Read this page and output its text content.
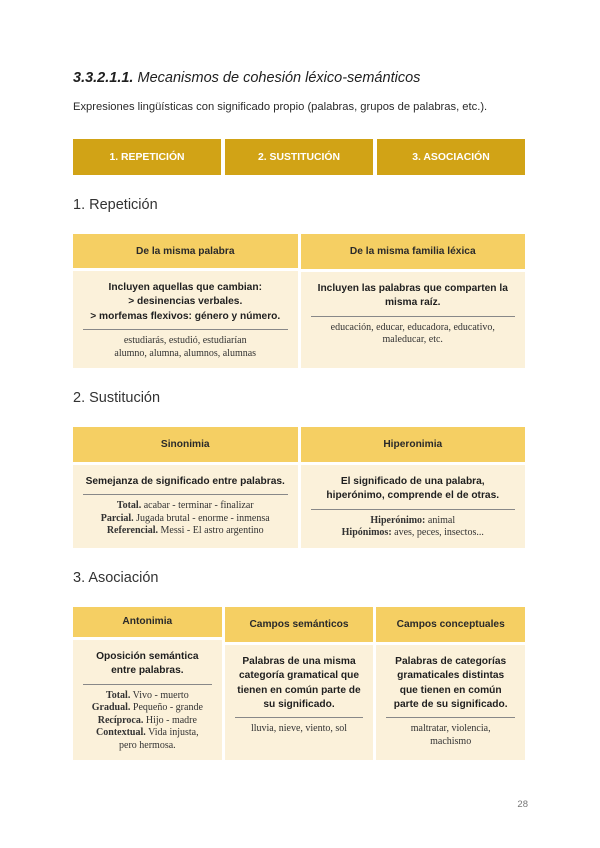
3.3.2.1.1. Mecanismos de cohesión léxico-semánticos
Expresiones lingüísticas con significado propio (palabras, grupos de palabras, etc.).
1. REPETICIÓN	2. SUSTITUCIÓN	3. ASOCIACIÓN
1. Repetición
De la misma palabra
Incluyen aquellas que cambian:
> desinencias verbales.
> morfemas flexivos: género y número.
estudiarás, estudió, estudiarían
alumno, alumna, alumnos, alumnas
De la misma familia léxica
Incluyen las palabras que comparten la
misma raíz.
educación, educar, educadora, educativo,
maleducar, etc.
2. Sustitución
Sinonimia
Semejanza de significado entre palabras.
Total. acabar - terminar - finalizar
Parcial. Jugada brutal - enorme - inmensa
Referencial. Messi - El astro argentino
Hiperonimia
El significado de una palabra,
hiperónimo, comprende el de otras.
Hiperónimo: animal
Hipónimos: aves, peces, insectos...
3. Asociación
Antonimia
Oposición semántica
entre palabras.
Total. Vivo - muerto
Gradual. Pequeño - grande
Recíproca. Hijo - madre
Contextual. Vida injusta,
pero hermosa.
Campos semánticos
Palabras de una misma
categoría gramatical que
tienen en común parte de
su significado.
lluvia, nieve, viento, sol
Campos conceptuales
Palabras de categorías
gramaticales distintas
que tienen en común
parte de su significado.
maltratar, violencia,
machismo
28
